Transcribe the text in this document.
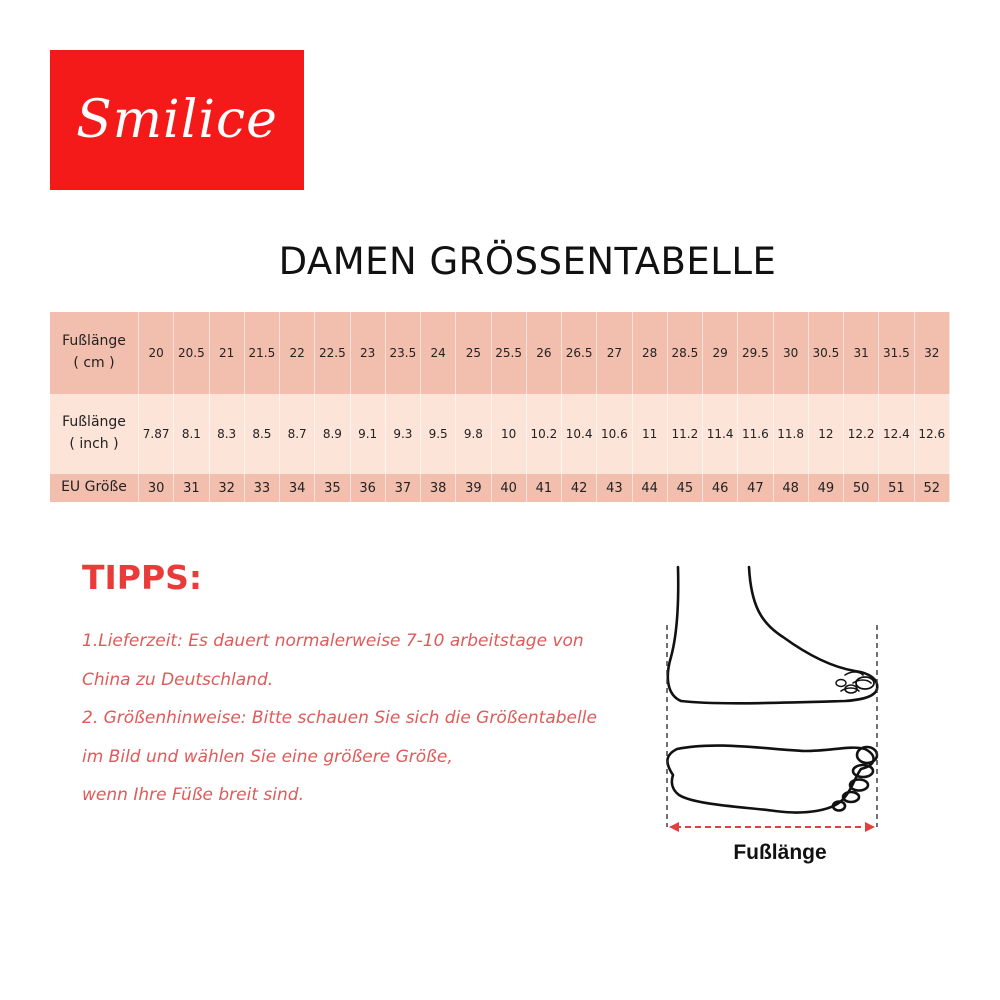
Smilice
DAMEN GRÖSSENTABELLE
Fußlänge
( cm )	20	20.5	21	21.5	22	22.5	23	23.5	24	25	25.5	26	26.5	27	28	28.5	29	29.5	30	30.5	31	31.5	32

Fußlänge
( inch )	7.87	8.1	8.3	8.5	8.7	8.9	9.1	9.3	9.5	9.8	10	10.2	10.4	10.6	11	11.2	11.4	11.6	11.8	12	12.2	12.4	12.6
EU Größe	30	31	32	33	34	35	36	37	38	39	40	41	42	43	44	45	46	47	48	49	50	51	52
TIPPS:
1.Lieferzeit: Es dauert normalerweise 7-10 arbeitstage von
China zu Deutschland.
2. Größenhinweise: Bitte schauen Sie sich die Größentabelle
im Bild und wählen Sie eine größere Größe,
wenn Ihre Füße breit sind.
Fußlänge
